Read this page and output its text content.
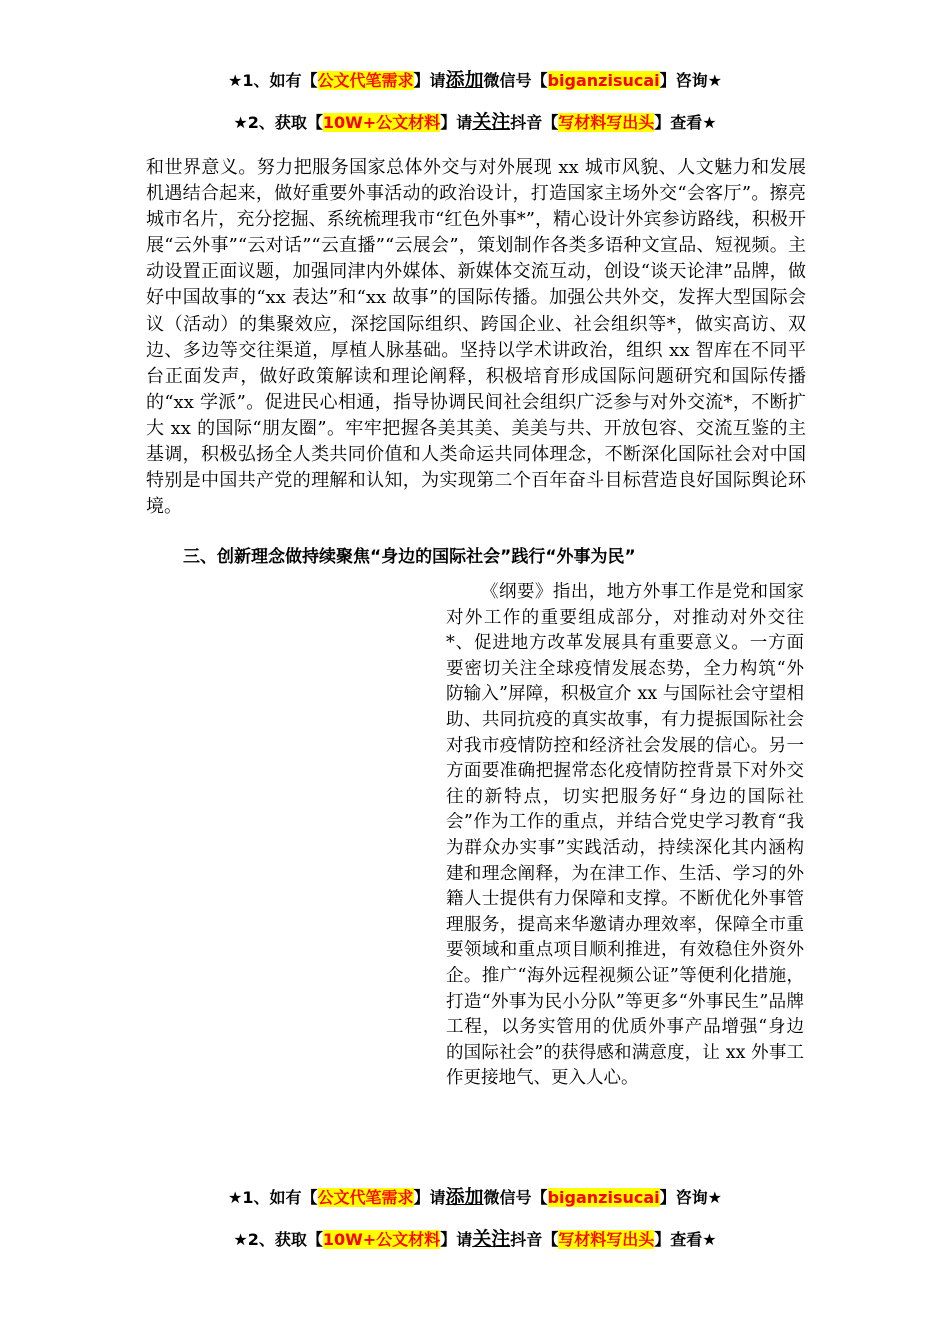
★1、如有【公文代笔需求】请添加微信号【biganzisucai】咨询★
★2、获取【10W+公文材料】请关注抖音【写材料写出头】查看★

和世界意义。努力把服务国家总体外交与对外展现 xx 城市风貌、人文魅力和发展机遇结合起来，做好重要外事活动的政治设计，打造国家主场外交“会客厅”。擦亮城市名片，充分挖掘、系统梳理我市“红色外事*”，精心设计外宾参访路线，积极开展“云外事”“云对话”“云直播”“云展会”，策划制作各类多语种文宣品、短视频。主动设置正面议题，加强同津内外媒体、新媒体交流互动，创设“谈天论津”品牌，做好中国故事的“xx 表达”和“xx 故事”的国际传播。加强公共外交，发挥大型国际会议（活动）的集聚效应，深挖国际组织、跨国企业、社会组织等*，做实高访、双边、多边等交往渠道，厚植人脉基础。坚持以学术讲政治，组织 xx 智库在不同平台正面发声，做好政策解读和理论阐释，积极培育形成国际问题研究和国际传播的“xx 学派”。促进民心相通，指导协调民间社会组织广泛参与对外交流*，不断扩大 xx 的国际“朋友圈”。牢牢把握各美其美、美美与共、开放包容、交流互鉴的主基调，积极弘扬全人类共同价值和人类命运共同体理念，不断深化国际社会对中国特别是中国共产党的理解和认知，为实现第二个百年奋斗目标营造良好国际舆论环境。

三、创新理念做持续聚焦“身边的国际社会”践行“外事为民”

《纲要》指出，地方外事工作是党和国家对外工作的重要组成部分，对推动对外交往*、促进地方改革发展具有重要意义。一方面要密切关注全球疫情发展态势，全力构筑“外防输入”屏障，积极宣介 xx 与国际社会守望相助、共同抗疫的真实故事，有力提振国际社会对我市疫情防控和经济社会发展的信心。另一方面要准确把握常态化疫情防控背景下对外交往的新特点，切实把服务好“身边的国际社会”作为工作的重点，并结合党史学习教育“我为群众办实事”实践活动，持续深化其内涵构建和理念阐释，为在津工作、生活、学习的外籍人士提供有力保障和支撑。不断优化外事管理服务，提高来华邀请办理效率，保障全市重要领域和重点项目顺利推进，有效稳住外资外企。推广“海外远程视频公证”等便利化措施，打造“外事为民小分队”等更多“外事民生”品牌工程，以务实管用的优质外事产品增强“身边的国际社会”的获得感和满意度，让 xx 外事工作更接地气、更入人心。

★1、如有【公文代笔需求】请添加微信号【biganzisucai】咨询★
★2、获取【10W+公文材料】请关注抖音【写材料写出头】查看★
